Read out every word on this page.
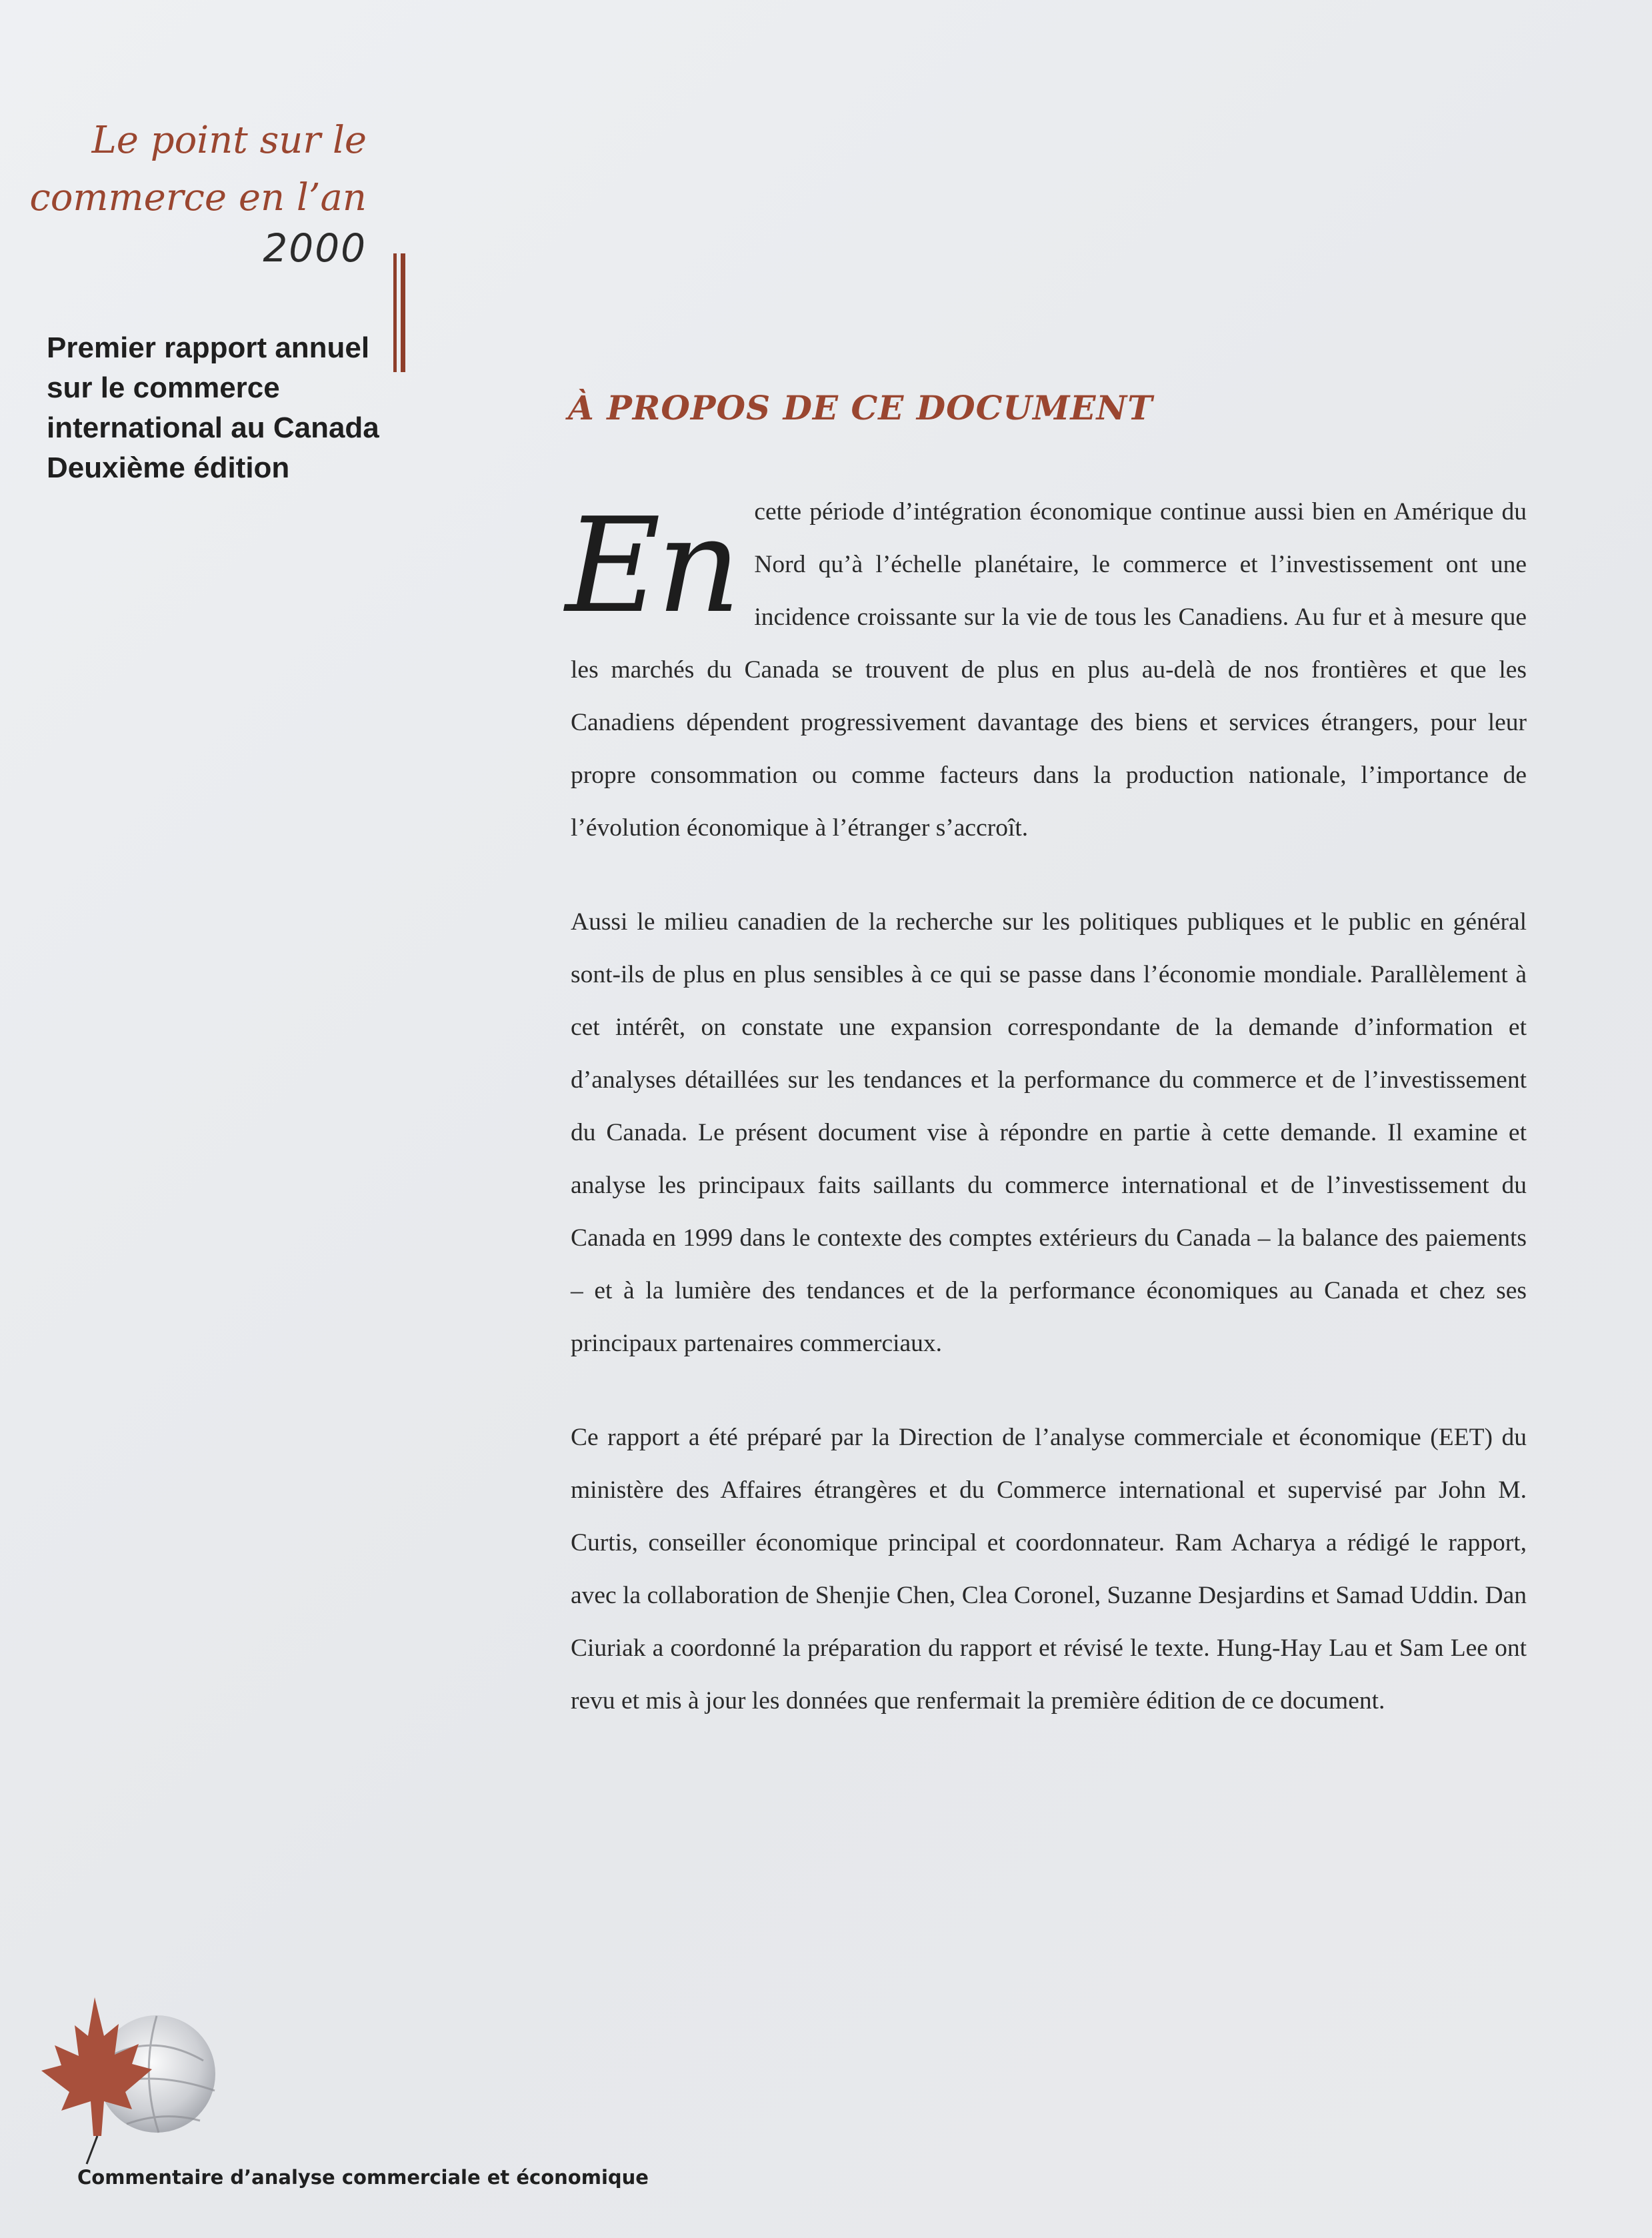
Le point sur le
commerce en l’an
2000
Premier rapport annuel
sur le commerce
international au Canada
Deuxième édition
À PROPOS DE CE DOCUMENT

En cette période d’intégration économique continue aussi bien en Amérique du Nord qu’à l’échelle planétaire, le commerce et l’investissement ont une incidence croissante sur la vie de tous les Canadiens. Au fur et à mesure que les marchés du Canada se trouvent de plus en plus au-delà de nos frontières et que les Canadiens dépendent progressivement davantage des biens et services étrangers, pour leur propre consommation ou comme facteurs dans la production nationale, l’importance de l’évolution économique à l’étranger s’accroît.

Aussi le milieu canadien de la recherche sur les politiques publiques et le public en général sont-ils de plus en plus sensibles à ce qui se passe dans l’économie mondiale. Parallèlement à cet intérêt, on constate une expansion correspondante de la demande d’information et d’analyses détaillées sur les tendances et la performance du commerce et de l’investissement du Canada. Le présent document vise à répondre en partie à cette demande. Il examine et analyse les principaux faits saillants du commerce international et de l’investissement du Canada en 1999 dans le contexte des comptes extérieurs du Canada – la balance des paiements – et à la lumière des tendances et de la performance économiques au Canada et chez ses principaux partenaires commerciaux.

Ce rapport a été préparé par la Direction de l’analyse commerciale et économique (EET) du ministère des Affaires étrangères et du Commerce international et supervisé par John M. Curtis, conseiller économique principal et coordonnateur. Ram Acharya a rédigé le rapport, avec la collaboration de Shenjie Chen, Clea Coronel, Suzanne Desjardins et Samad Uddin. Dan Ciuriak a coordonné la préparation du rapport et révisé le texte. Hung-Hay Lau et Sam Lee ont revu et mis à jour les données que renfermait la première édition de ce document.

Commentaire d’analyse commerciale et économique
